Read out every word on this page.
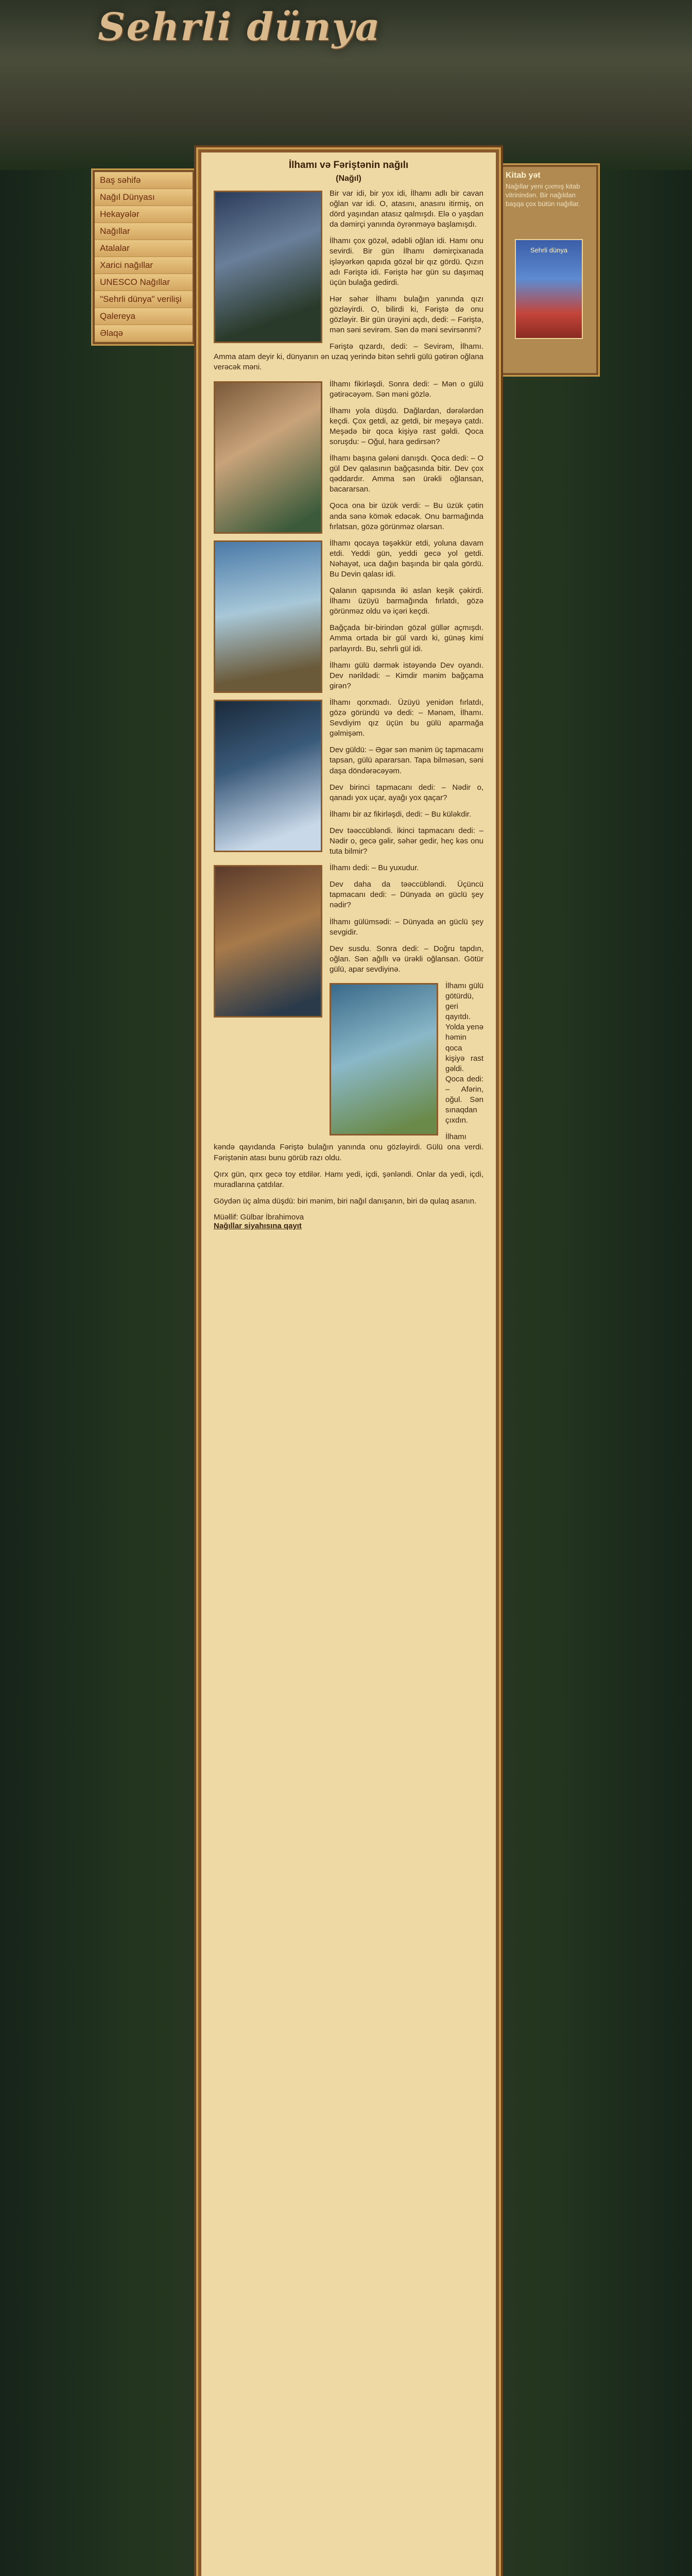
Sehrli dünya
Baş səhifə
Nağıl Dünyası
Hekayələr
Nağıllar
Atalalar
Xarici nağıllar
UNESCO Nağıllar
"Sehrli dünya" verilişi
Qalereya
Əlaqə
Kitab yət
Nağıllar yeni çıxmış kitab vitrinindən. Bir nağıldan başqa çox bütün nağıllar.
Sehrli dünya
İlhamı və Fəriştənin nağılı
(Nağıl)

Bir var idi, bir yox idi, İlhamı adlı bir cavan oğlan var idi. O, atasını, anasını itirmiş, on dörd yaşından atasız qalmışdı. Elə o yaşdan da dəmirçi yanında öyrənməyə başlamışdı.

İlhamı çox gözəl, ədəbli oğlan idi. Hamı onu sevirdi. Bir gün İlhamı dəmirçixanada işləyərkən qapıda gözəl bir qız gördü. Qızın adı Fəriştə idi. Fəriştə hər gün su daşımaq üçün bulağa gedirdi.

Hər səhər İlhamı bulağın yanında qızı gözləyirdi. O, bilirdi ki, Fəriştə də onu gözləyir. Bir gün ürəyini açdı, dedi: – Fəriştə, mən səni sevirəm. Sən də məni sevirsənmi?

Fəriştə qızardı, dedi: – Sevirəm, İlhamı. Amma atam deyir ki, dünyanın ən uzaq yerində bitən sehrli gülü gətirən oğlana verəcək məni.

İlhamı fikirləşdi. Sonra dedi: – Mən o gülü gətirəcəyəm. Sən məni gözlə.

İlhamı yola düşdü. Dağlardan, dərələrdən keçdi. Çox getdi, az getdi, bir meşəyə çatdı. Meşədə bir qoca kişiyə rast gəldi. Qoca soruşdu: – Oğul, hara gedirsən?

İlhamı başına gələni danışdı. Qoca dedi: – O gül Dev qalasının bağçasında bitir. Dev çox qəddardır. Amma sən ürəkli oğlansan, bacararsan.

Qoca ona bir üzük verdi: – Bu üzük çətin anda sənə kömək edəcək. Onu barmağında fırlatsan, gözə görünməz olarsan.

İlhamı qocaya təşəkkür etdi, yoluna davam etdi. Yeddi gün, yeddi gecə yol getdi. Nəhayət, uca dağın başında bir qala gördü. Bu Devin qalası idi.

Qalanın qapısında iki aslan keşik çəkirdi. İlhamı üzüyü barmağında fırlatdı, gözə görünməz oldu və içəri keçdi.

Bağçada bir-birindən gözəl güllər açmışdı. Amma ortada bir gül vardı ki, günəş kimi parlayırdı. Bu, sehrli gül idi.

İlhamı gülü dərmək istəyəndə Dev oyandı. Dev nərildədi: – Kimdir mənim bağçama girən?

İlhamı qorxmadı. Üzüyü yenidən fırlatdı, gözə göründü və dedi: – Mənəm, İlhamı. Sevdiyim qız üçün bu gülü aparmağa gəlmişəm.

Dev güldü: – Əgər sən mənim üç tapmacamı tapsan, gülü apararsan. Tapa bilməsən, səni daşa döndərəcəyəm.

Dev birinci tapmacanı dedi: – Nədir o, qanadı yox uçar, ayağı yox qaçar?

İlhamı bir az fikirləşdi, dedi: – Bu küləkdir.

Dev təəccübləndi. İkinci tapmacanı dedi: – Nədir o, gecə gəlir, səhər gedir, heç kəs onu tuta bilmir?

İlhamı dedi: – Bu yuxudur.

Dev daha da təəccübləndi. Üçüncü tapmacanı dedi: – Dünyada ən güclü şey nədir?

İlhamı gülümsədi: – Dünyada ən güclü şey sevgidir.

Dev susdu. Sonra dedi: – Doğru tapdın, oğlan. Sən ağıllı və ürəkli oğlansan. Götür gülü, apar sevdiyinə.

İlhamı gülü götürdü, geri qayıtdı. Yolda yenə həmin qoca kişiyə rast gəldi. Qoca dedi: – Afərin, oğul. Sən sınaqdan çıxdın.

İlhamı kəndə qayıdanda Fəriştə bulağın yanında onu gözləyirdi. Gülü ona verdi. Fəriştənin atası bunu görüb razı oldu.

Qırx gün, qırx gecə toy etdilər. Hamı yedi, içdi, şənləndi. Onlar da yedi, içdi, muradlarına çatdılar.

Göydən üç alma düşdü: biri mənim, biri nağıl danışanın, biri də qulaq asanın.

Müəllif: Gülbar İbrahimova
Nağıllar siyahısına qayıt
